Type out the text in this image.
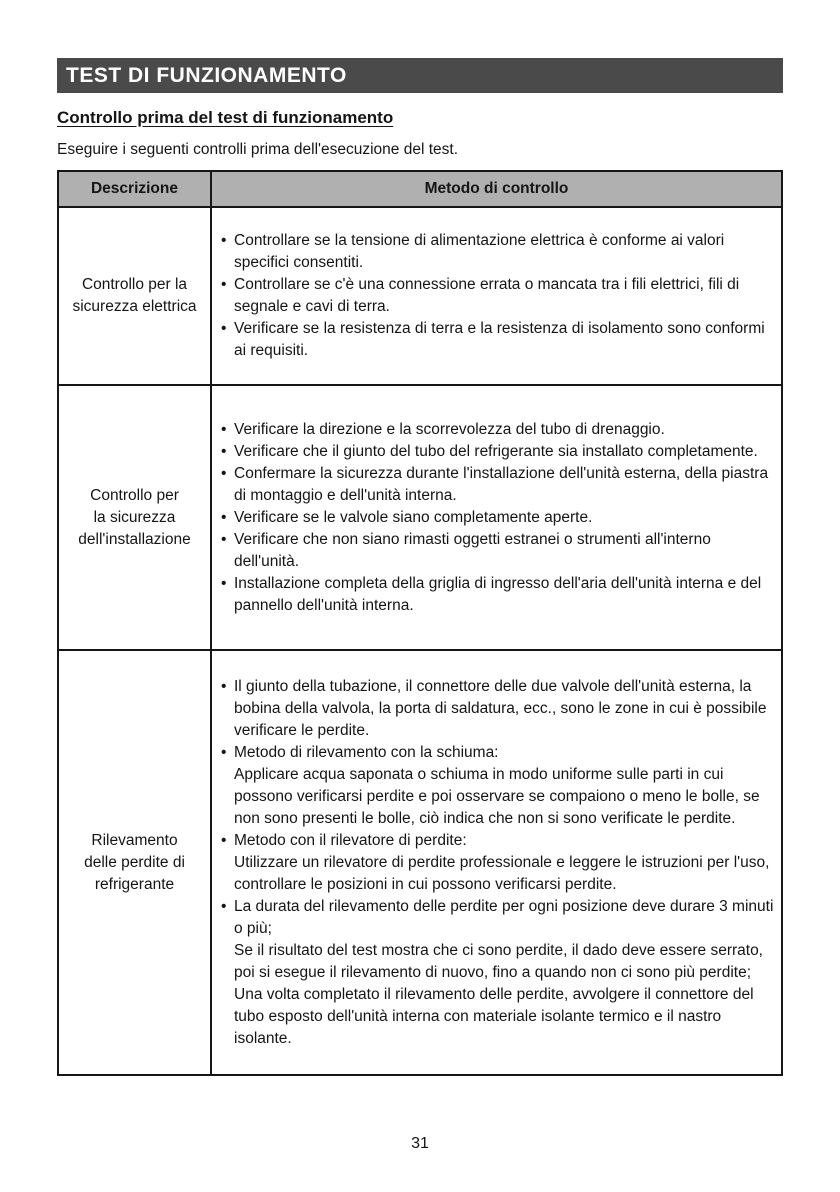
TEST DI FUNZIONAMENTO
Controllo prima del test di funzionamento
Eseguire i seguenti controlli prima dell'esecuzione del test.
Descrizione	Metodo di controllo
Controllo per la
sicurezza elettrica	
• Controllare se la tensione di alimentazione elettrica è conforme ai valori specifici consentiti.
• Controllare se c'è una connessione errata o mancata tra i fili elettrici, fili di segnale e cavi di terra.
• Verificare se la resistenza di terra e la resistenza di isolamento sono conformi ai requisiti.

Controllo per
la sicurezza
dell'installazione	
• Verificare la direzione e la scorrevolezza del tubo di drenaggio.
• Verificare che il giunto del tubo del refrigerante sia installato completamente.
• Confermare la sicurezza durante l'installazione dell'unità esterna, della piastra di montaggio e dell'unità interna.
• Verificare se le valvole siano completamente aperte.
• Verificare che non siano rimasti oggetti estranei o strumenti all'interno dell'unità.
• Installazione completa della griglia di ingresso dell'aria dell'unità interna e del pannello dell'unità interna.

Rilevamento
delle perdite di
refrigerante	
• Il giunto della tubazione, il connettore delle due valvole dell'unità esterna, la bobina della valvola, la porta di saldatura, ecc., sono le zone in cui è possibile verificare le perdite.
• Metodo di rilevamento con la schiuma:
Applicare acqua saponata o schiuma in modo uniforme sulle parti in cui possono verificarsi perdite e poi osservare se compaiono o meno le bolle, se non sono presenti le bolle, ciò indica che non si sono verificate le perdite.
• Metodo con il rilevatore di perdite:
Utilizzare un rilevatore di perdite professionale e leggere le istruzioni per l'uso, controllare le posizioni in cui possono verificarsi perdite.
• La durata del rilevamento delle perdite per ogni posizione deve durare 3 minuti o più;
Se il risultato del test mostra che ci sono perdite, il dado deve essere serrato, poi si esegue il rilevamento di nuovo, fino a quando non ci sono più perdite;
Una volta completato il rilevamento delle perdite, avvolgere il connettore del tubo esposto dell'unità interna con materiale isolante termico e il nastro isolante.
31
